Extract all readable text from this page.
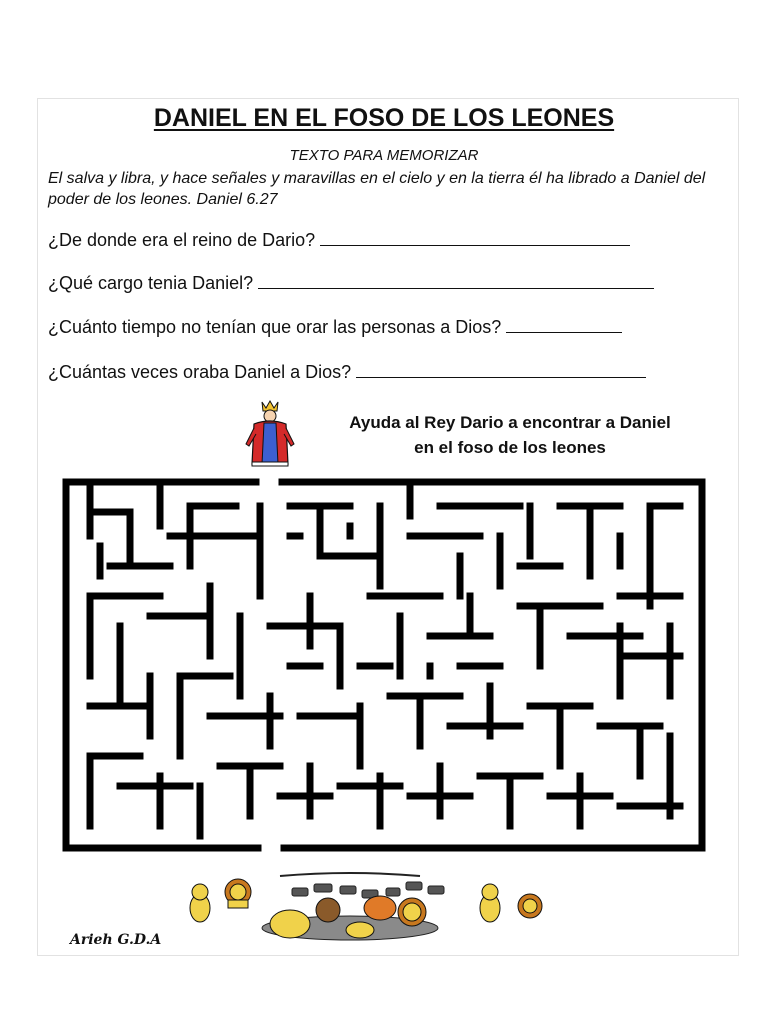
DANIEL EN EL FOSO DE LOS LEONES
TEXTO PARA MEMORIZAR
El salva y libra, y hace señales y maravillas en el cielo y en la tierra él ha librado a Daniel del poder de los leones. Daniel 6.27
¿De donde era el reino de Dario?
¿Qué cargo tenia Daniel?
¿Cuánto tiempo no tenían que orar las personas a Dios?
¿Cuántas veces oraba Daniel a Dios?
Ayuda al Rey Dario a encontrar a Daniel
en el foso de los leones
Arieh G.D.A
